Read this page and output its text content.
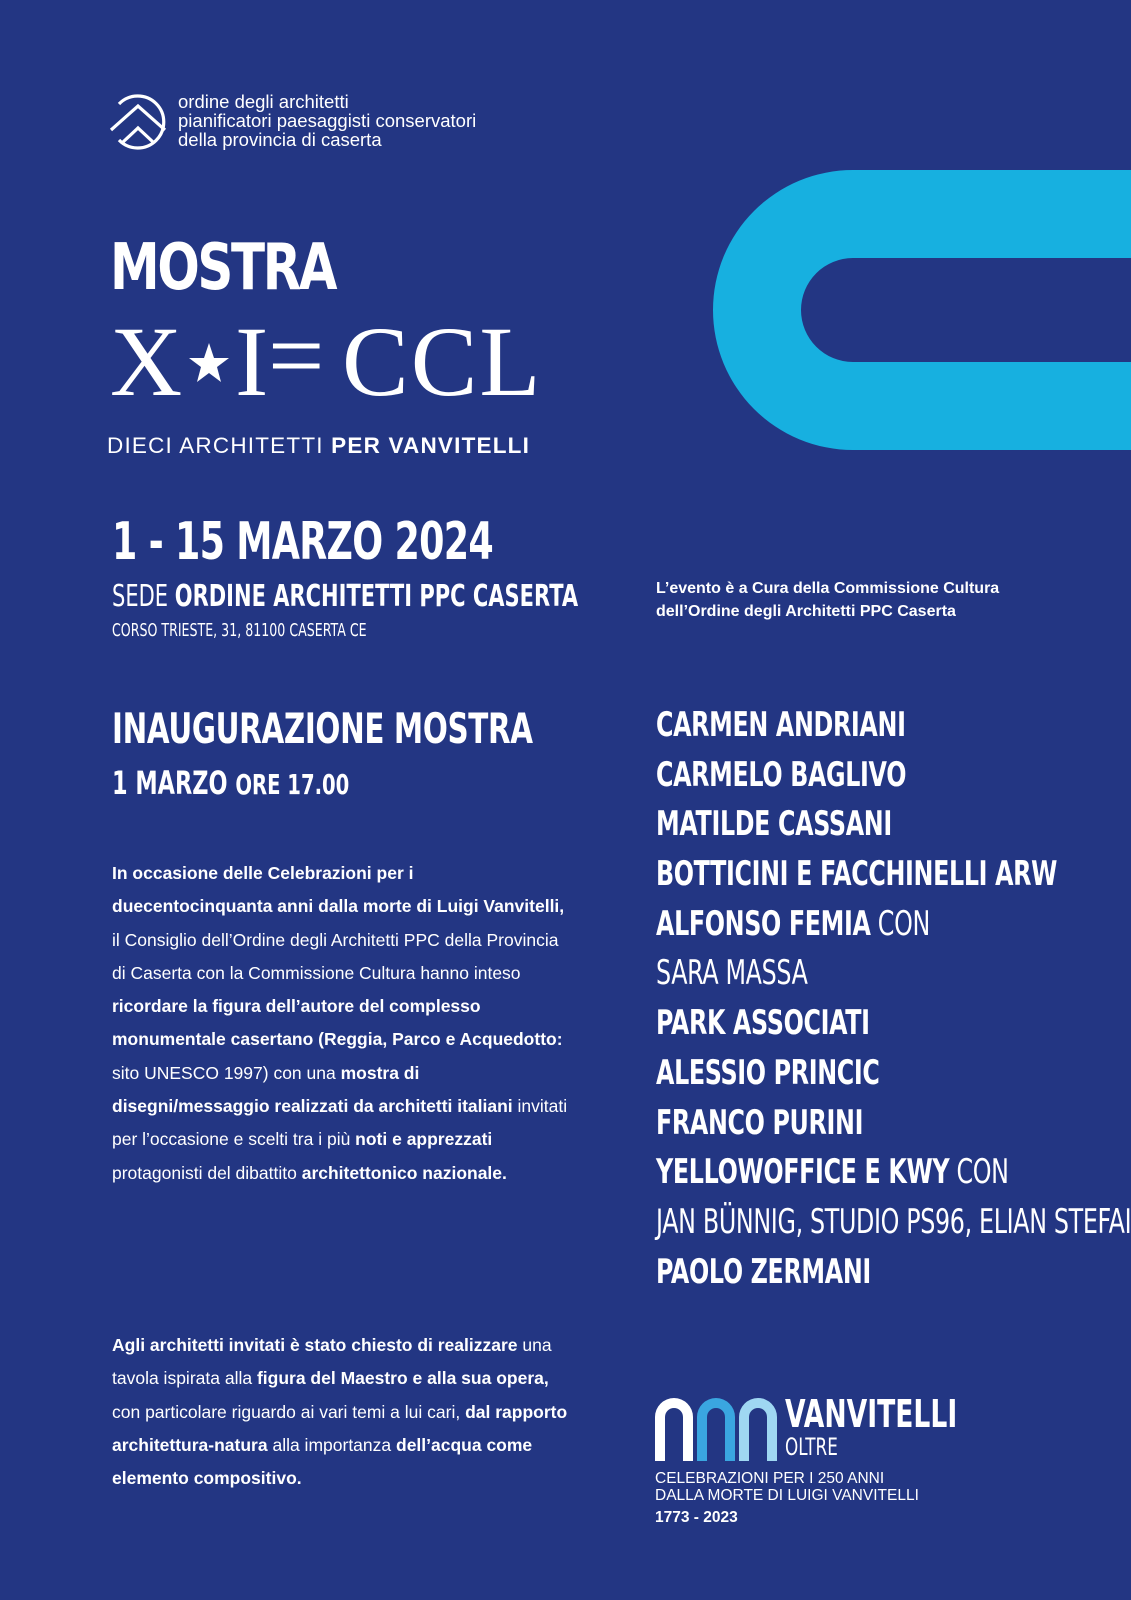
ordine degli architetti
pianificatori paesaggisti conservatori
della provincia di caserta
MOSTRA
X I = CCL
DIECI ARCHITETTI PER VANVITELLI
1 - 15 MARZO 2024
SEDE ORDINE ARCHITETTI PPC CASERTA
CORSO TRIESTE, 31, 81100 CASERTA CE
L’evento è a Cura della Commissione Cultura
dell’Ordine degli Architetti PPC Caserta
INAUGURAZIONE MOSTRA
1 MARZO ORE 17.00
In occasione delle Celebrazioni per i duecentocinquanta anni dalla morte di Luigi Vanvitelli, il Consiglio dell’Ordine degli Architetti PPC della Provincia di Caserta con la Commissione Cultura hanno inteso ricordare la figura dell’autore del complesso monumentale casertano (Reggia, Parco e Acquedotto: sito UNESCO 1997) con una mostra di disegni/messaggio realizzati da architetti italiani invitati per l’occasione e scelti tra i più noti e apprezzati protagonisti del dibattito architettonico nazionale.
Agli architetti invitati è stato chiesto di realizzare una tavola ispirata alla figura del Maestro e alla sua opera, con particolare riguardo ai vari temi a lui cari, dal rapporto architettura-natura alla importanza dell’acqua come elemento compositivo.
CARMEN ANDRIANI
CARMELO BAGLIVO
MATILDE CASSANI
BOTTICINI E FACCHINELLI ARW
ALFONSO FEMIA CON
SARA MASSA
PARK ASSOCIATI
ALESSIO PRINCIC
FRANCO PURINI
YELLOWOFFICE E KWY CON
JAN BÜNNIG, STUDIO PS96, ELIAN STEFAI
PAOLO ZERMANI
VANVITELLI
OLTRE
CELEBRAZIONI PER I 250 ANNI
DALLA MORTE DI LUIGI VANVITELLI
1773 - 2023
